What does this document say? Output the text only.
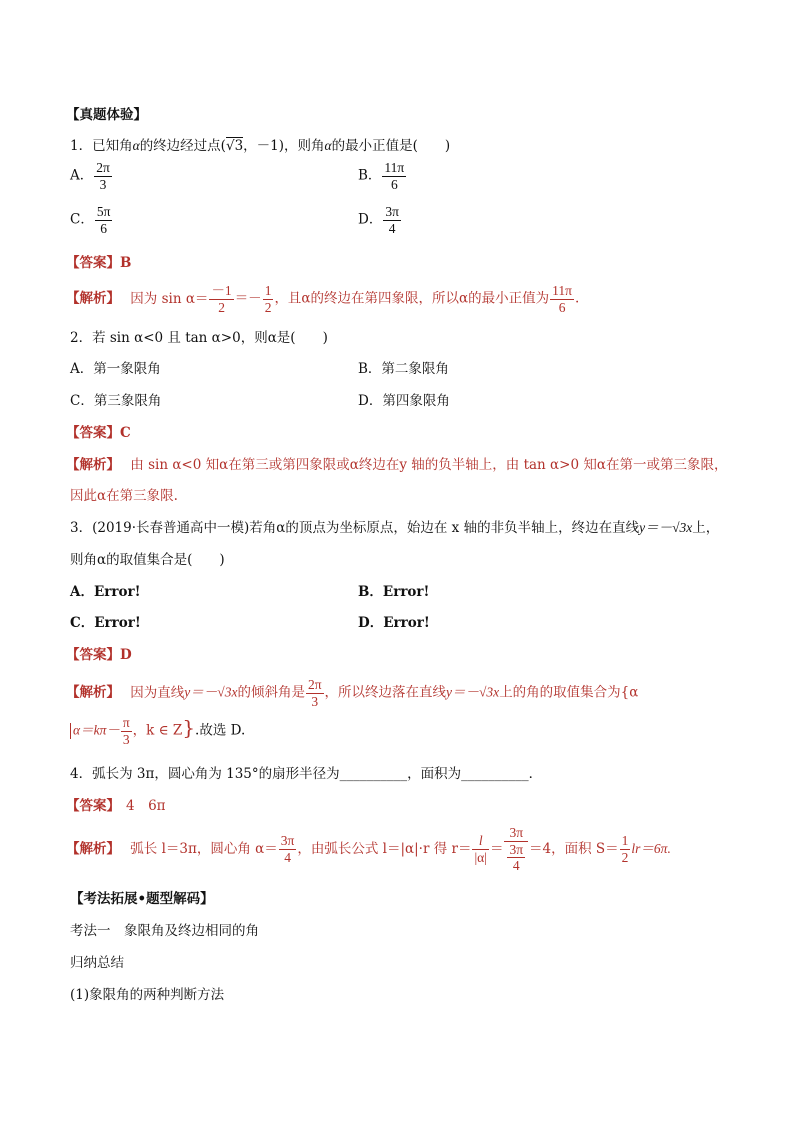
【真题体验】
1．已知角α的终边经过点(√3，－1)，则角α的最小正值是(　　)
A． $\frac{2\pi}{3}$	B． $\frac{11\pi}{6}$
C． $\frac{5\pi}{6}$	D． $\frac{3\pi}{4}$
【答案】B
【解析】 因为 $\sin \alpha= \frac{-1}{2} =- \frac{1}{2}$ ，且α的终边在第四象限，所以α的最小正值为 $\frac{11\pi}{6}$ .
2．若 sin α<0 且 tan α>0，则α是(　　)
A．第一象限角	B．第二象限角
C．第三象限角	D．第四象限角
【答案】C
【解析】 由 sin α<0 知α在第三或第四象限或α终边在y 轴的负半轴上，由 tan α>0 知α在第一或第三象限，
因此α在第三象限.
3．(2019·长春普通高中一模)若角α的顶点为坐标原点，始边在 x 轴的非负半轴上，终边在直线y＝－√3x上，
则角α的取值集合是(　　)
A．Error!	B．Error!
C．Error!	D．Error!
【答案】D
【解析】 因为直线y＝－√3x的倾斜角是 $\frac{2\pi}{3}$ ，所以终边落在直线y＝－√3x上的角的取值集合为{α
$\alpha=k\pi- \frac{\pi}{3}$ ，k ∈ Z}.故选 D.
4．弧长为 3π，圆心角为 135°的扇形半径为__________，面积为__________．
【答案】 4　6π
【解析】 弧长 l＝3π，圆心角 $\alpha= \frac{3\pi}{4}$ ，由弧长公式 l＝|α|·r 得 $r= \frac{l}{|\alpha|} = \frac{3\pi}{\frac{3\pi}{4}} =4$，面积 $S= \frac{1}{2} lr=6\pi$.
【考法拓展•题型解码】
考法一　象限角及终边相同的角
归纳总结
(1)象限角的两种判断方法
